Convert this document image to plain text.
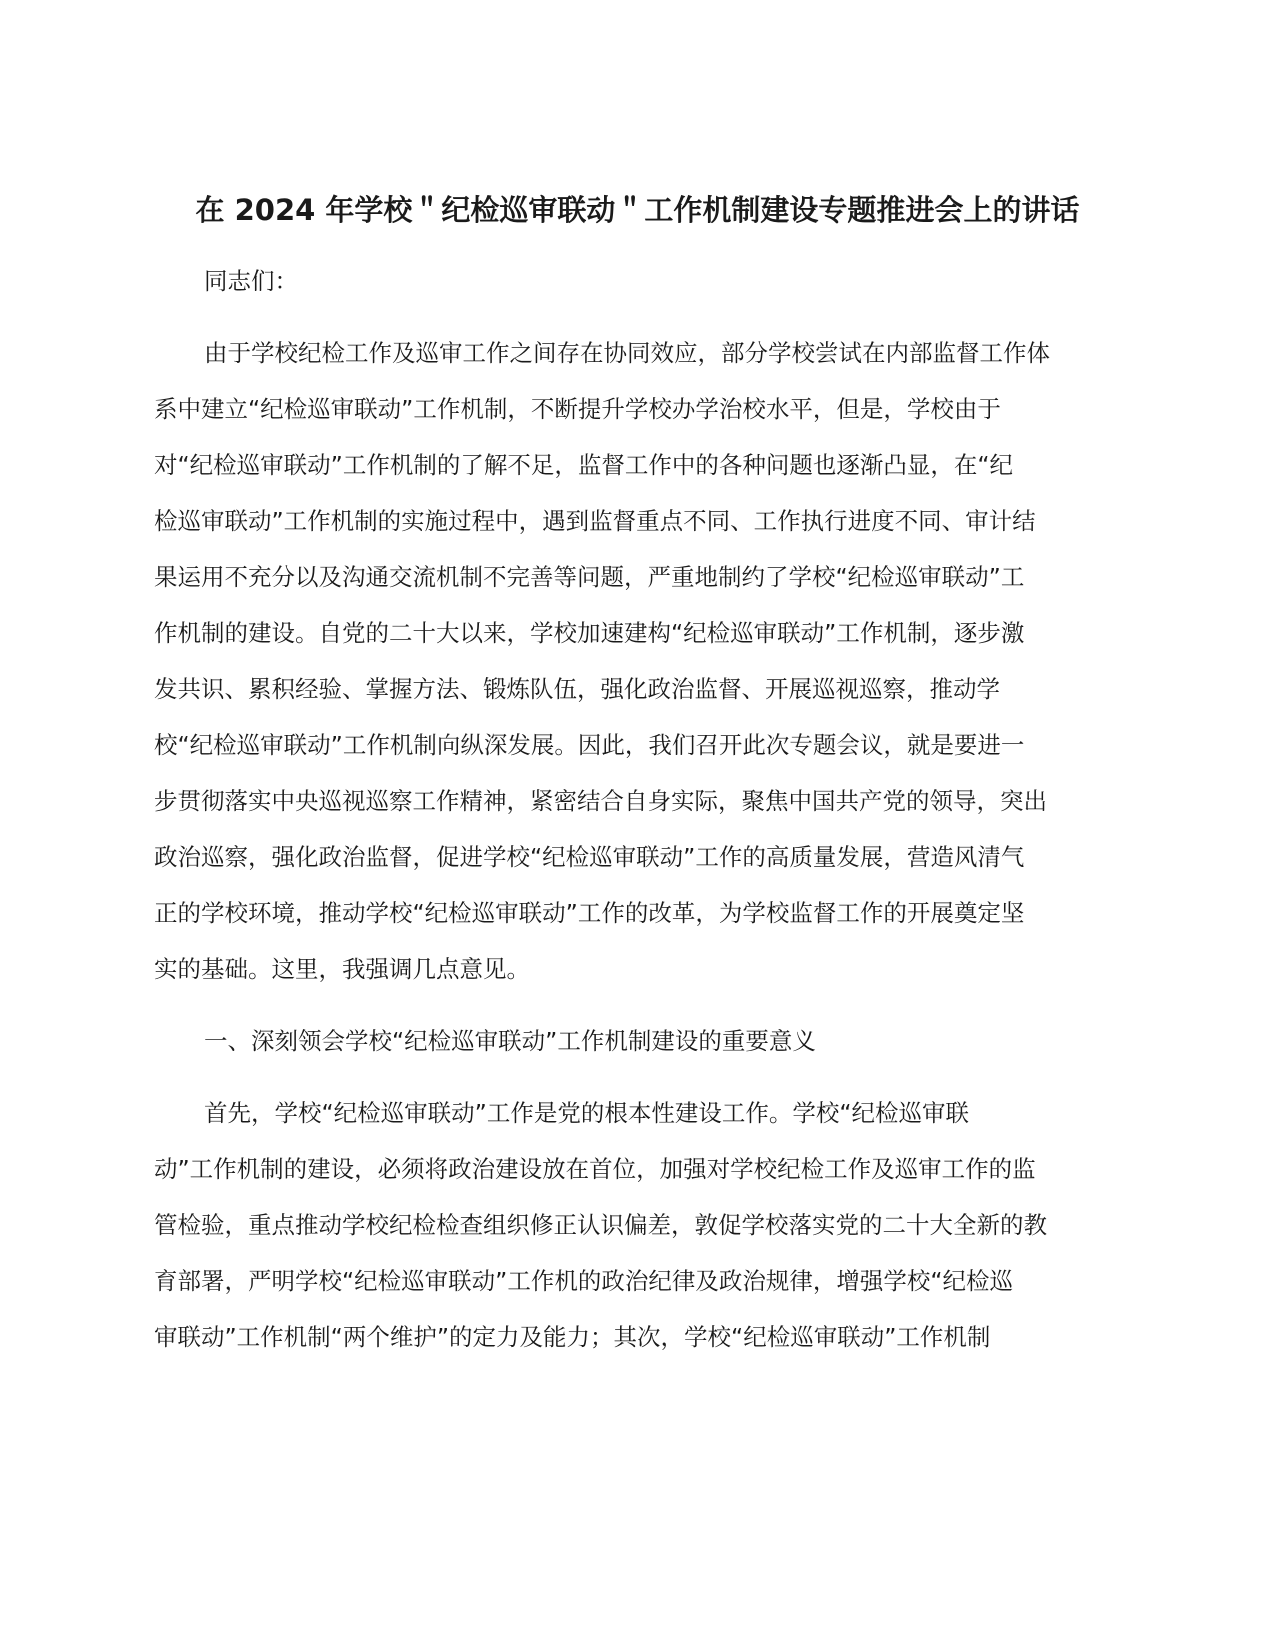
在 2024 年学校＂纪检巡审联动＂工作机制建设专题推进会上的讲话
同志们：
由于学校纪检工作及巡审工作之间存在协同效应，部分学校尝试在内部监督工作体
系中建立“纪检巡审联动”工作机制，不断提升学校办学治校水平，但是，学校由于
对“纪检巡审联动”工作机制的了解不足，监督工作中的各种问题也逐渐凸显，在“纪
检巡审联动”工作机制的实施过程中，遇到监督重点不同、工作执行进度不同、审计结
果运用不充分以及沟通交流机制不完善等问题，严重地制约了学校“纪检巡审联动”工
作机制的建设。自党的二十大以来，学校加速建构“纪检巡审联动”工作机制，逐步激
发共识、累积经验、掌握方法、锻炼队伍，强化政治监督、开展巡视巡察，推动学
校“纪检巡审联动”工作机制向纵深发展。因此，我们召开此次专题会议，就是要进一
步贯彻落实中央巡视巡察工作精神，紧密结合自身实际，聚焦中国共产党的领导，突出
政治巡察，强化政治监督，促进学校“纪检巡审联动”工作的高质量发展，营造风清气
正的学校环境，推动学校“纪检巡审联动”工作的改革，为学校监督工作的开展奠定坚
实的基础。这里，我强调几点意见。
一、深刻领会学校“纪检巡审联动”工作机制建设的重要意义
首先，学校“纪检巡审联动”工作是党的根本性建设工作。学校“纪检巡审联
动”工作机制的建设，必须将政治建设放在首位，加强对学校纪检工作及巡审工作的监
管检验，重点推动学校纪检检查组织修正认识偏差，敦促学校落实党的二十大全新的教
育部署，严明学校“纪检巡审联动”工作机的政治纪律及政治规律，增强学校“纪检巡
审联动”工作机制“两个维护”的定力及能力；其次，学校“纪检巡审联动”工作机制
